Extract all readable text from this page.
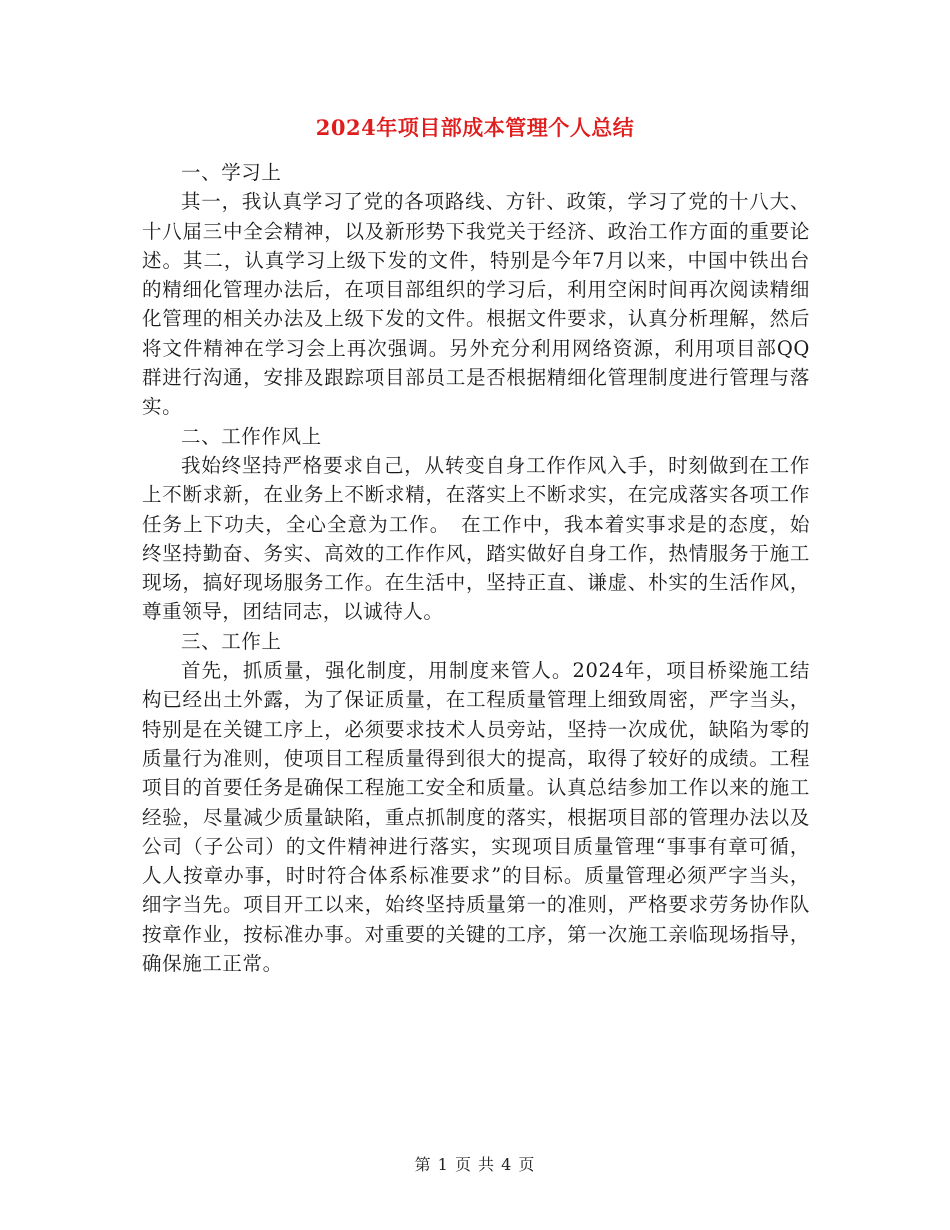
2024年项目部成本管理个人总结

一、学习上

其一，我认真学习了党的各项路线、方针、政策，学习了党的十八大、十八届三中全会精神，以及新形势下我党关于经济、政治工作方面的重要论述。其二，认真学习上级下发的文件，特别是今年7月以来，中国中铁出台的精细化管理办法后，在项目部组织的学习后，利用空闲时间再次阅读精细化管理的相关办法及上级下发的文件。根据文件要求，认真分析理解，然后将文件精神在学习会上再次强调。另外充分利用网络资源，利用项目部QQ群进行沟通，安排及跟踪项目部员工是否根据精细化管理制度进行管理与落实。

二、工作作风上

我始终坚持严格要求自己，从转变自身工作作风入手，时刻做到在工作上不断求新，在业务上不断求精，在落实上不断求实，在完成落实各项工作任务上下功夫，全心全意为工作。　在工作中，我本着实事求是的态度，始终坚持勤奋、务实、高效的工作作风，踏实做好自身工作，热情服务于施工现场，搞好现场服务工作。在生活中，坚持正直、谦虚、朴实的生活作风，尊重领导，团结同志，以诚待人。

三、工作上

首先，抓质量，强化制度，用制度来管人。2024年，项目桥梁施工结构已经出土外露，为了保证质量，在工程质量管理上细致周密，严字当头，特别是在关键工序上，必须要求技术人员旁站，坚持一次成优，缺陷为零的质量行为准则，使项目工程质量得到很大的提高，取得了较好的成绩。工程项目的首要任务是确保工程施工安全和质量。认真总结参加工作以来的施工经验，尽量减少质量缺陷，重点抓制度的落实，根据项目部的管理办法以及公司（子公司）的文件精神进行落实，实现项目质量管理“事事有章可循，人人按章办事，时时符合体系标准要求”的目标。质量管理必须严字当头，细字当先。项目开工以来，始终坚持质量第一的准则，严格要求劳务协作队按章作业，按标准办事。对重要的关键的工序，第一次施工亲临现场指导，确保施工正常。

第 1 页 共 4 页
